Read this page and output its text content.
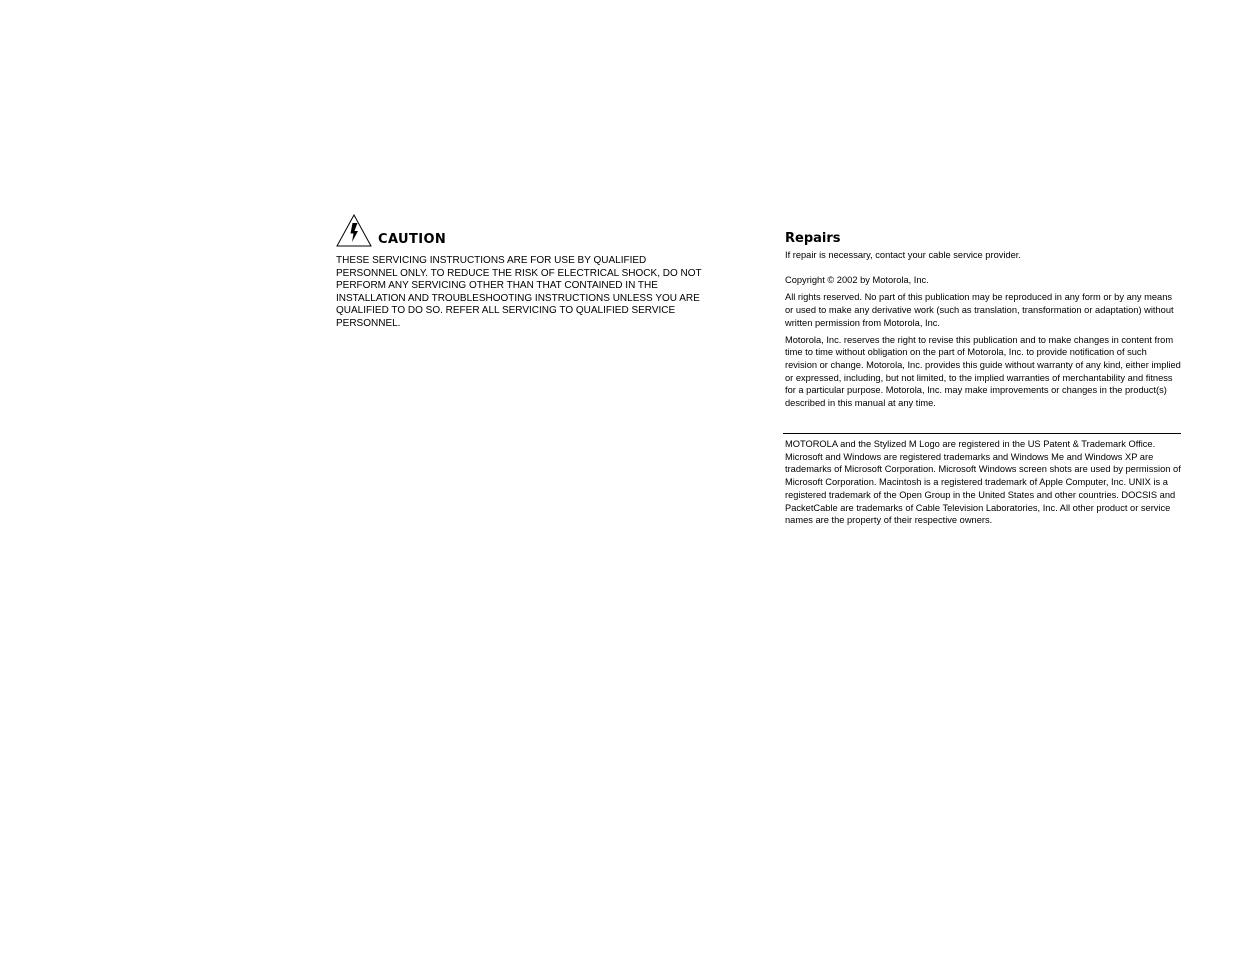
CAUTION

THESE SERVICING INSTRUCTIONS ARE FOR USE BY QUALIFIED PERSONNEL ONLY. TO REDUCE THE RISK OF ELECTRICAL SHOCK, DO NOT PERFORM ANY SERVICING OTHER THAN THAT CONTAINED IN THE INSTALLATION AND TROUBLESHOOTING INSTRUCTIONS UNLESS YOU ARE QUALIFIED TO DO SO. REFER ALL SERVICING TO QUALIFIED SERVICE PERSONNEL.

Repairs

If repair is necessary, contact your cable service provider.

Copyright © 2002 by Motorola, Inc.

All rights reserved. No part of this publication may be reproduced in any form or by any means or used to make any derivative work (such as translation, transformation or adaptation) without written permission from Motorola, Inc.

Motorola, Inc. reserves the right to revise this publication and to make changes in content from time to time without obligation on the part of Motorola, Inc. to provide notification of such revision or change. Motorola, Inc. provides this guide without warranty of any kind, either implied or expressed, including, but not limited, to the implied warranties of merchantability and fitness for a particular purpose. Motorola, Inc. may make improvements or changes in the product(s) described in this manual at any time.

MOTOROLA and the Stylized M Logo are registered in the US Patent & Trademark Office. Microsoft and Windows are registered trademarks and Windows Me and Windows XP are trademarks of Microsoft Corporation. Microsoft Windows screen shots are used by permission of Microsoft Corporation. Macintosh is a registered trademark of Apple Computer, Inc. UNIX is a registered trademark of the Open Group in the United States and other countries. DOCSIS and PacketCable are trademarks of Cable Television Laboratories, Inc. All other product or service names are the property of their respective owners.
